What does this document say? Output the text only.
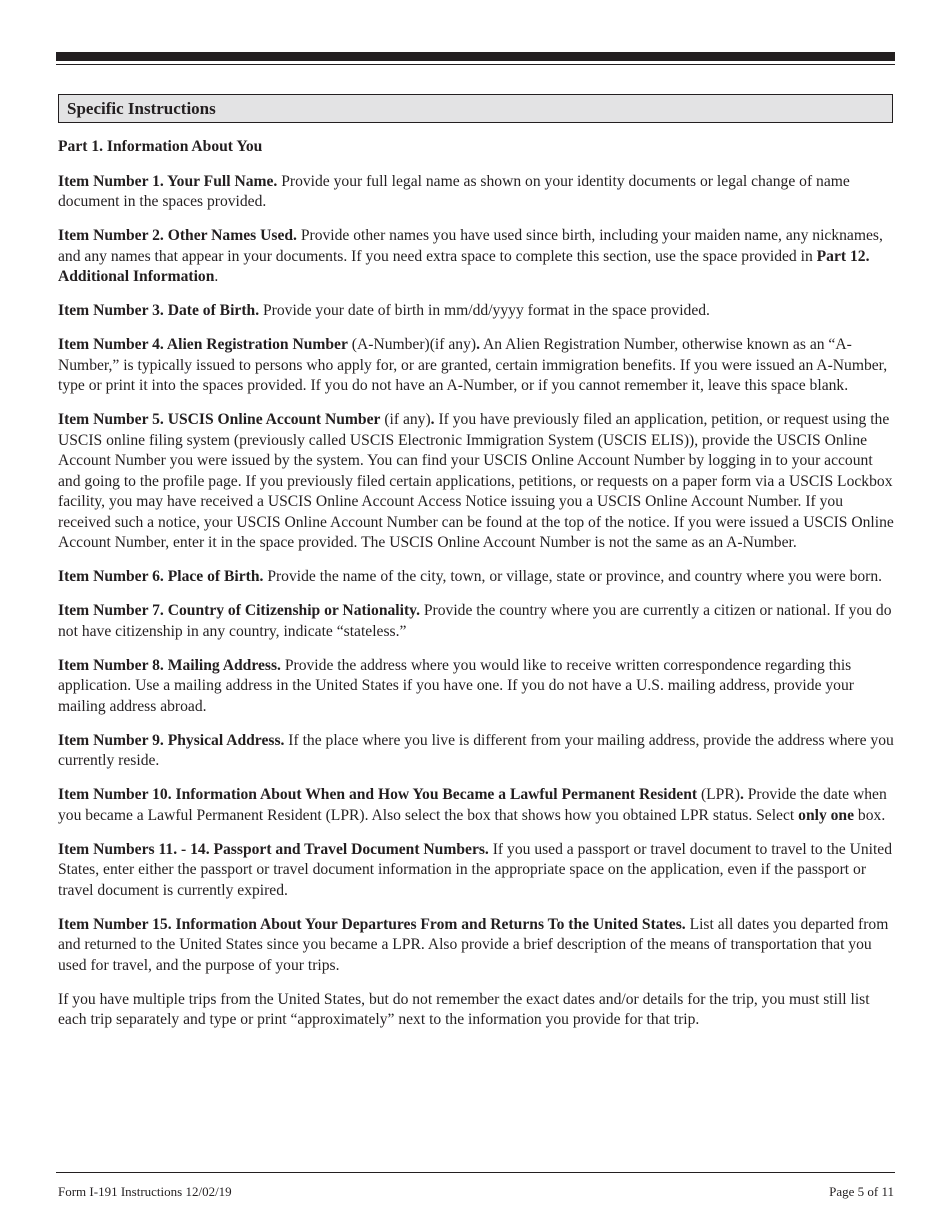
Specific Instructions
Part 1. Information About You

Item Number 1. Your Full Name. Provide your full legal name as shown on your identity documents or legal change of name document in the spaces provided.

Item Number 2. Other Names Used. Provide other names you have used since birth, including your maiden name, any nicknames, and any names that appear in your documents. If you need extra space to complete this section, use the space provided in Part 12. Additional Information.

Item Number 3. Date of Birth. Provide your date of birth in mm/dd/yyyy format in the space provided.

Item Number 4. Alien Registration Number (A-Number)(if any). An Alien Registration Number, otherwise known as an “A-Number,” is typically issued to persons who apply for, or are granted, certain immigration benefits. If you were issued an A-Number, type or print it into the spaces provided. If you do not have an A-Number, or if you cannot remember it, leave this space blank.

Item Number 5. USCIS Online Account Number (if any). If you have previously filed an application, petition, or request using the USCIS online filing system (previously called USCIS Electronic Immigration System (USCIS ELIS)), provide the USCIS Online Account Number you were issued by the system. You can find your USCIS Online Account Number by logging in to your account and going to the profile page. If you previously filed certain applications, petitions, or requests on a paper form via a USCIS Lockbox facility, you may have received a USCIS Online Account Access Notice issuing you a USCIS Online Account Number. If you received such a notice, your USCIS Online Account Number can be found at the top of the notice. If you were issued a USCIS Online Account Number, enter it in the space provided. The USCIS Online Account Number is not the same as an A-Number.

Item Number 6. Place of Birth. Provide the name of the city, town, or village, state or province, and country where you were born.

Item Number 7. Country of Citizenship or Nationality. Provide the country where you are currently a citizen or national. If you do not have citizenship in any country, indicate “stateless.”

Item Number 8. Mailing Address. Provide the address where you would like to receive written correspondence regarding this application. Use a mailing address in the United States if you have one. If you do not have a U.S. mailing address, provide your mailing address abroad.

Item Number 9. Physical Address. If the place where you live is different from your mailing address, provide the address where you currently reside.

Item Number 10. Information About When and How You Became a Lawful Permanent Resident (LPR). Provide the date when you became a Lawful Permanent Resident (LPR). Also select the box that shows how you obtained LPR status. Select only one box.

Item Numbers 11. - 14. Passport and Travel Document Numbers. If you used a passport or travel document to travel to the United States, enter either the passport or travel document information in the appropriate space on the application, even if the passport or travel document is currently expired.

Item Number 15. Information About Your Departures From and Returns To the United States. List all dates you departed from and returned to the United States since you became a LPR. Also provide a brief description of the means of transportation that you used for travel, and the purpose of your trips.

If you have multiple trips from the United States, but do not remember the exact dates and/or details for the trip, you must still list each trip separately and type or print “approximately” next to the information you provide for that trip.

Form I-191 Instructions 12/02/19	Page 5 of 11
